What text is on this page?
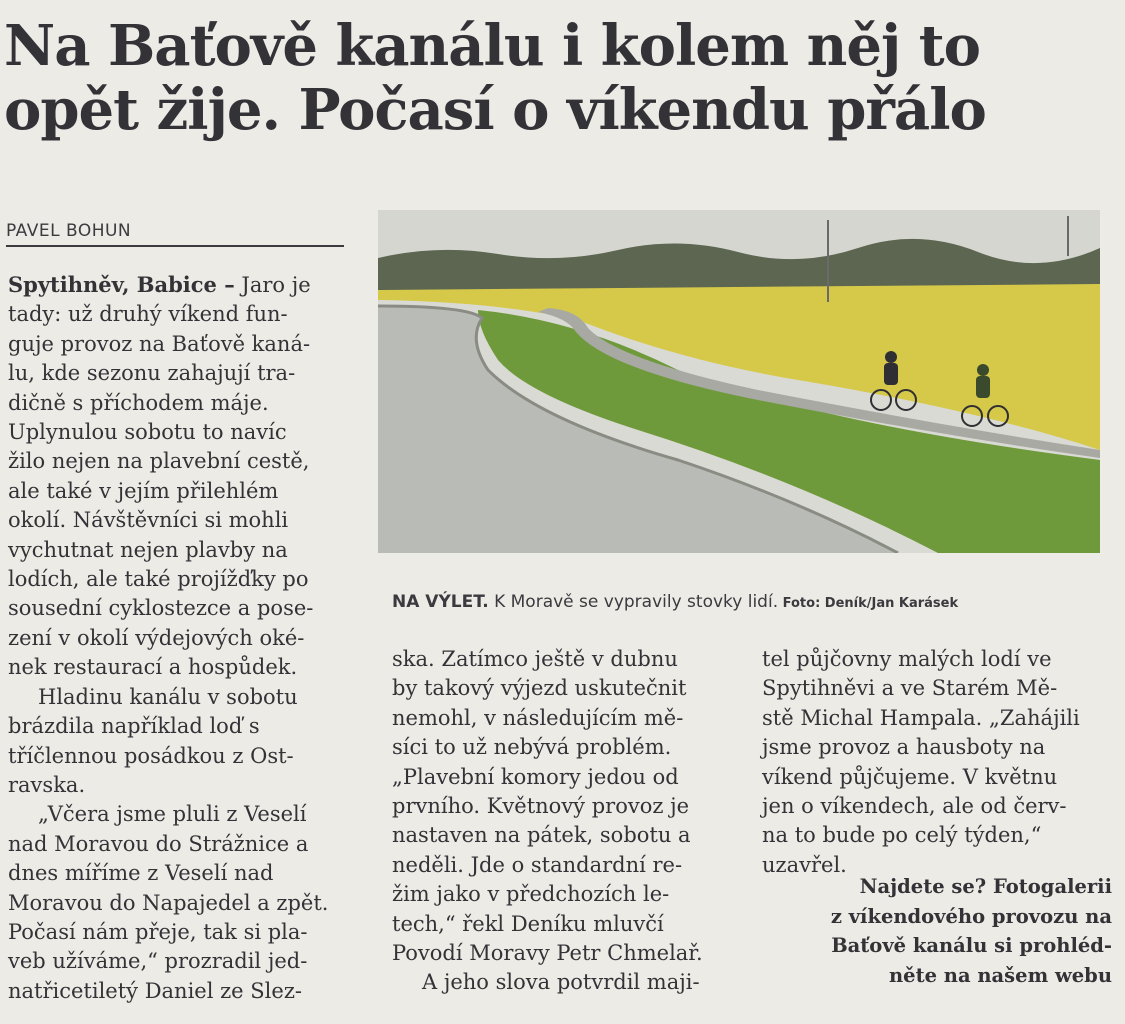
Na Baťově kanálu i kolem něj to
opět žije. Počasí o víkendu přálo
PAVEL BOHUN

Spytihněv, Babice – Jaro je
tady: už druhý víkend fun-
guje provoz na Baťově kaná-
lu, kde sezonu zahajují tra-
dičně s příchodem máje.
Uplynulou sobotu to navíc
žilo nejen na plavební cestě,
ale také v jejím přilehlém
okolí. Návštěvníci si mohli
vychutnat nejen plavby na
lodích, ale také projížďky po
sousední cyklostezce a pose-
zení v okolí výdejových oké-
nek restaurací a hospůdek.

Hladinu kanálu v sobotu
brázdila například loď s
tříčlennou posádkou z Ost-
ravska.

„Včera jsme pluli z Veselí
nad Moravou do Strážnice a
dnes míříme z Veselí nad
Moravou do Napajedel a zpět.
Počasí nám přeje, tak si pla-
veb užíváme,“ prozradil jed-
natřicetiletý Daniel ze Slez-

NA VÝLET. K Moravě se vypravily stovky lidí. Foto: Deník/Jan Karásek

ska. Zatímco ještě v dubnu
by takový výjezd uskutečnit
nemohl, v následujícím mě-
síci to už nebývá problém.
„Plavební komory jedou od
prvního. Květnový provoz je
nastaven na pátek, sobotu a
neděli. Jde o standardní re-
žim jako v předchozích le-
tech,“ řekl Deníku mluvčí
Povodí Moravy Petr Chmelař.

A jeho slova potvrdil maji-

tel půjčovny malých lodí ve
Spytihněvi a ve Starém Mě-
stě Michal Hampala. „Zahájili
jsme provoz a hausboty na
víkend půjčujeme. V květnu
jen o víkendech, ale od červ-
na to bude po celý týden,“
uzavřel.

Najdete se? Fotogalerii
z víkendového provozu na
Baťově kanálu si prohléd-
něte na našem webu
